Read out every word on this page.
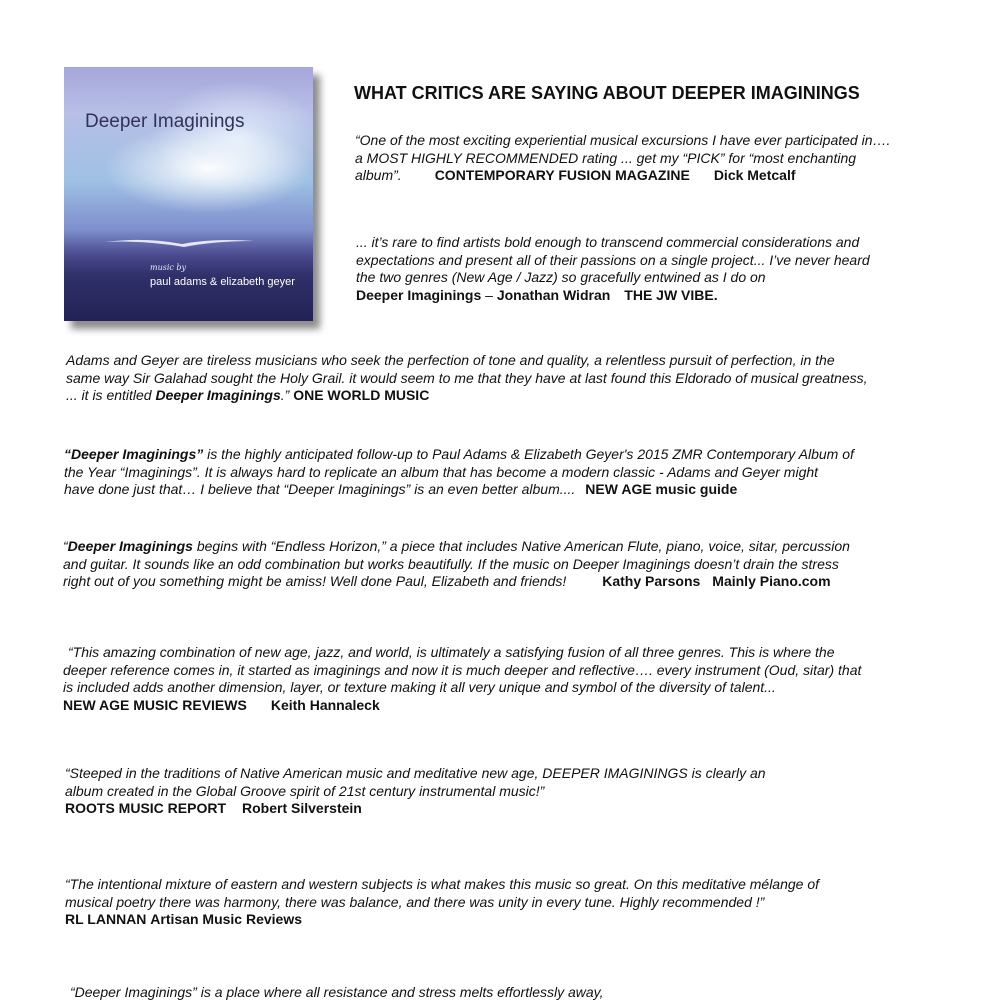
Deeper Imaginings
music by
paul adams & elizabeth geyer
WHAT CRITICS ARE SAYING ABOUT DEEPER IMAGININGS

“One of the most exciting experiential musical excursions I have ever participated in….
a MOST HIGHLY RECOMMENDED rating ... get my “PICK” for “most enchanting
album”. CONTEMPORARY FUSION MAGAZINE Dick Metcalf

... it’s rare to find artists bold enough to transcend commercial considerations and
expectations and present all of their passions on a single project... I’ve never heard
the two genres (New Age / Jazz) so gracefully entwined as I do on
Deeper Imaginings – Jonathan Widran THE JW VIBE.

Adams and Geyer are tireless musicians who seek the perfection of tone and quality, a relentless pursuit of perfection, in the
same way Sir Galahad sought the Holy Grail. it would seem to me that they have at last found this Eldorado of musical greatness,
... it is entitled Deeper Imaginings.” ONE WORLD MUSIC

“Deeper Imaginings” is the highly anticipated follow-up to Paul Adams & Elizabeth Geyer's 2015 ZMR Contemporary Album of
the Year “Imaginings”. It is always hard to replicate an album that has become a modern classic - Adams and Geyer might
have done just that… I believe that “Deeper Imaginings” is an even better album.... NEW AGE music guide

“Deeper Imaginings begins with “Endless Horizon,” a piece that includes Native American Flute, piano, voice, sitar, percussion
and guitar. It sounds like an odd combination but works beautifully. If the music on Deeper Imaginings doesn’t drain the stress
right out of you something might be amiss! Well done Paul, Elizabeth and friends!	Kathy Parsons Mainly Piano.com

“This amazing combination of new age, jazz, and world, is ultimately a satisfying fusion of all three genres. This is where the
deeper reference comes in, it started as imaginings and now it is much deeper and reflective…. every instrument (Oud, sitar) that
is included adds another dimension, layer, or texture making it all very unique and symbol of the diversity of talent...
NEW AGE MUSIC REVIEWS Keith Hannaleck

“Steeped in the traditions of Native American music and meditative new age, DEEPER IMAGININGS is clearly an
album created in the Global Groove spirit of 21st century instrumental music!”
ROOTS MUSIC REPORT Robert Silverstein

“The intentional mixture of eastern and western subjects is what makes this music so great. On this meditative mélange of
musical poetry there was harmony, there was balance, and there was unity in every tune. Highly recommended !”
RL LANNAN Artisan Music Reviews

“Deeper Imaginings” is a place where all resistance and stress melts effortlessly away,
